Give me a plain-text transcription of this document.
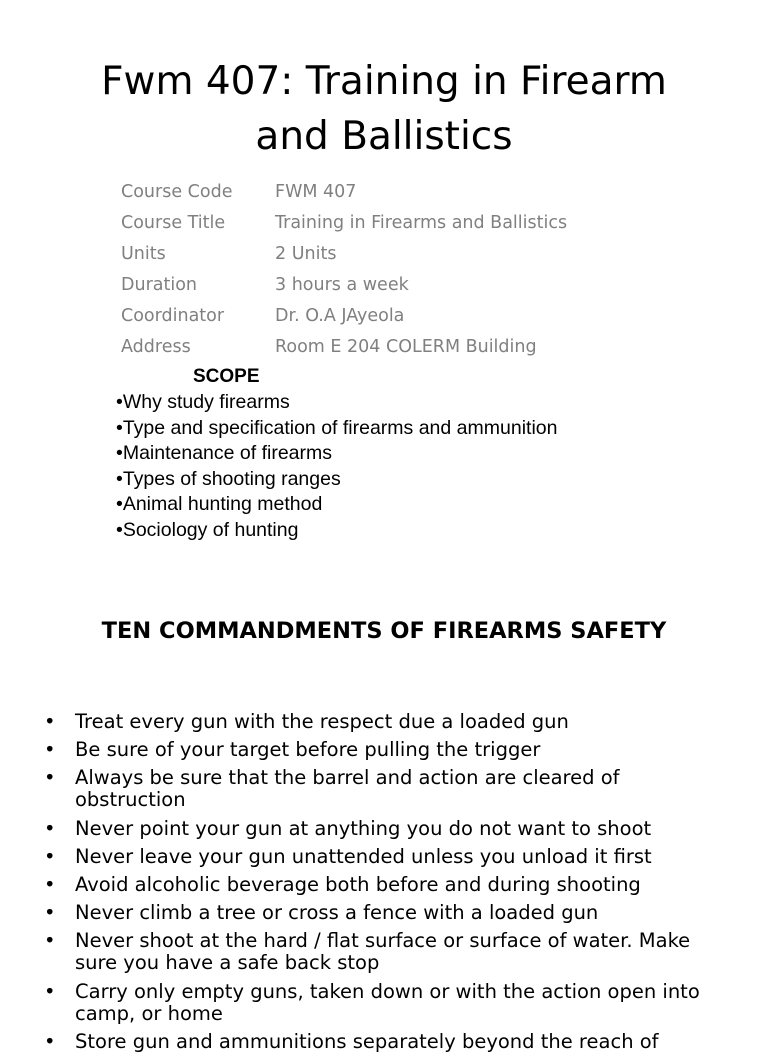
Fwm 407: Training in Firearm
and Ballistics
Course Code	FWM 407
Course Title	Training in Firearms and Ballistics
Units	2 Units
Duration	3 hours a week
Coordinator	Dr. O.A JAyeola
Address	Room E 204 COLERM Building
SCOPE
•Why study firearms
•Type and specification of firearms and ammunition
•Maintenance of firearms
•Types of shooting ranges
•Animal hunting method
•Sociology of hunting
TEN COMMANDMENTS OF FIREARMS SAFETY
• Treat every gun with the respect due a loaded gun
• Be sure of your target before pulling the trigger
• Always be sure that the barrel and action are cleared of obstruction
• Never point your gun at anything you do not want to shoot
• Never leave your gun unattended unless you unload it first
• Avoid alcoholic beverage both before and during shooting
• Never climb a tree or cross a fence with a loaded gun
• Never shoot at the hard / flat surface or surface of water. Make sure you have a safe back stop
• Carry only empty guns, taken down or with the action open into camp, or home
• Store gun and ammunitions separately beyond the reach of
